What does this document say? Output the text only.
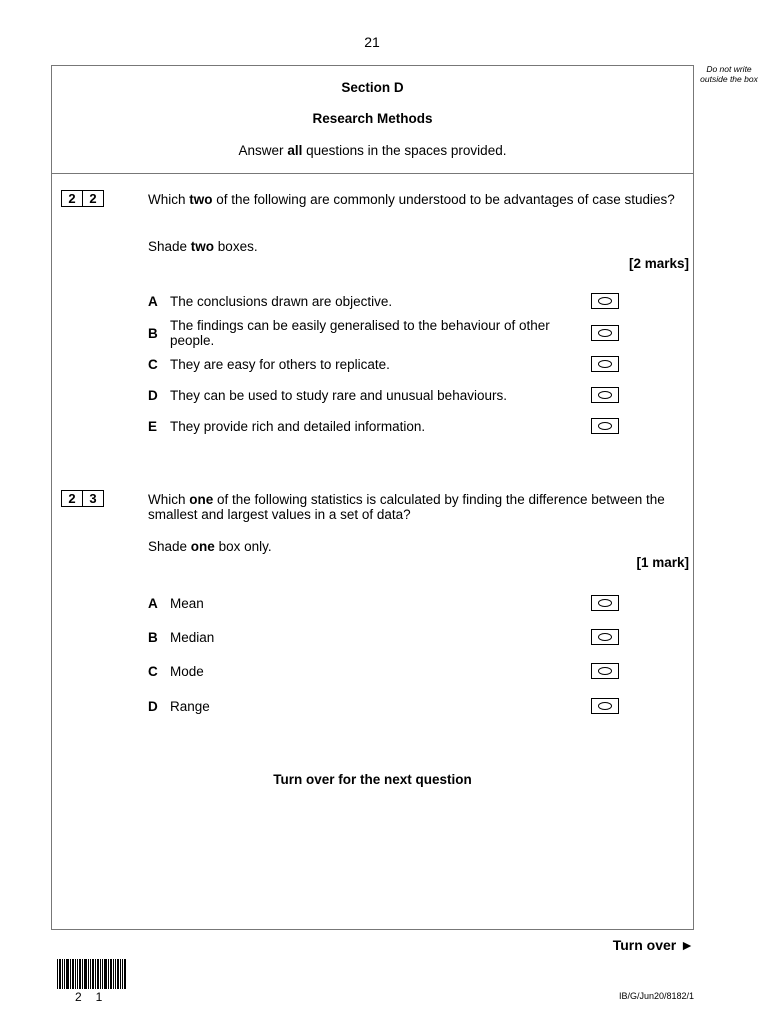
21
Do not write outside the box
Section D
Research Methods
Answer all questions in the spaces provided.
2	2	Which two of the following are commonly understood to be advantages of case studies?
Shade two boxes.
[2 marks]
A The conclusions drawn are objective.
B
The findings can be easily generalised to the behaviour of other people.
C They are easy for others to replicate.
D They can be used to study rare and unusual behaviours.
E They provide rich and detailed information.
2	3	Which one of the following statistics is calculated by finding the difference between the smallest and largest values in a set of data?
Shade one box only.
[1 mark]
A Mean
B Median
C Mode
D Range
Turn over for the next question
Turn over ►
21	IB/G/Jun20/8182/1
